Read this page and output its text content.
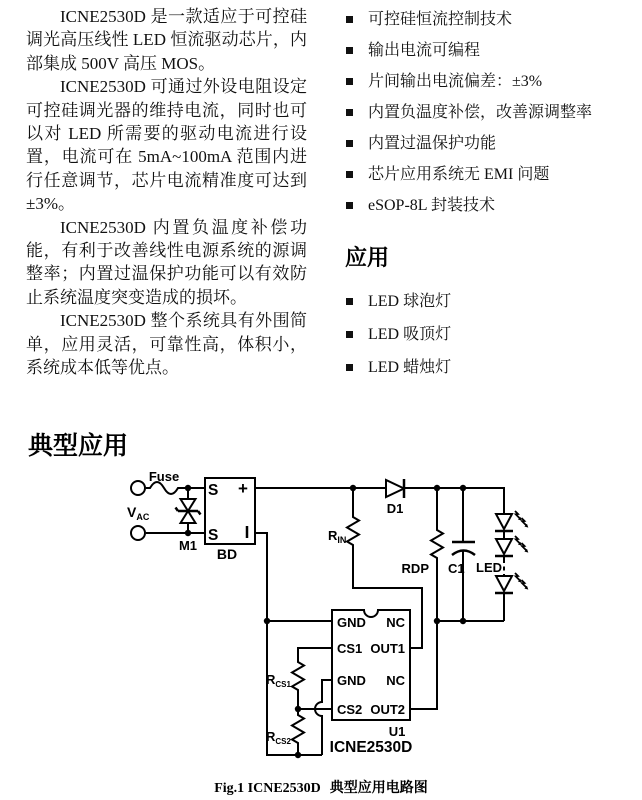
ICNE2530D 是一款适应于可控硅调光高压线性 LED 恒流驱动芯片，内部集成 500V 高压 MOS。

ICNE2530D 可通过外设电阻设定可控硅调光器的维持电流，同时也可以对 LED 所需要的驱动电流进行设置，电流可在 5mA~100mA 范围内进行任意调节，芯片电流精准度可达到±3%。

ICNE2530D 内置负温度补偿功能，有利于改善线性电源系统的源调整率；内置过温保护功能可以有效防止系统温度突变造成的损坏。

ICNE2530D 整个系统具有外围简单，应用灵活，可靠性高，体积小，系统成本低等优点。

可控硅恒流控制技术
输出电流可编程
片间输出电流偏差：±3%
内置负温度补偿，改善源调整率
内置过温保护功能
芯片应用系统无 EMI 问题
eSOP-8L 封装技术
应用
LED 球泡灯
LED 吸顶灯
LED 蜡烛灯
典型应用
$V_{AC}$
Fuse
M1
S
S
+
BD
D1
$R_{IN}$
RDP C1 LED
$R_{CS1}$
$R_{CS2}$
GND
CS1
GND
CS2
NC
OUT1
NC
OUT2
U1
ICNE2530D
Fig.1 ICNE2530D 典型应用电路图
